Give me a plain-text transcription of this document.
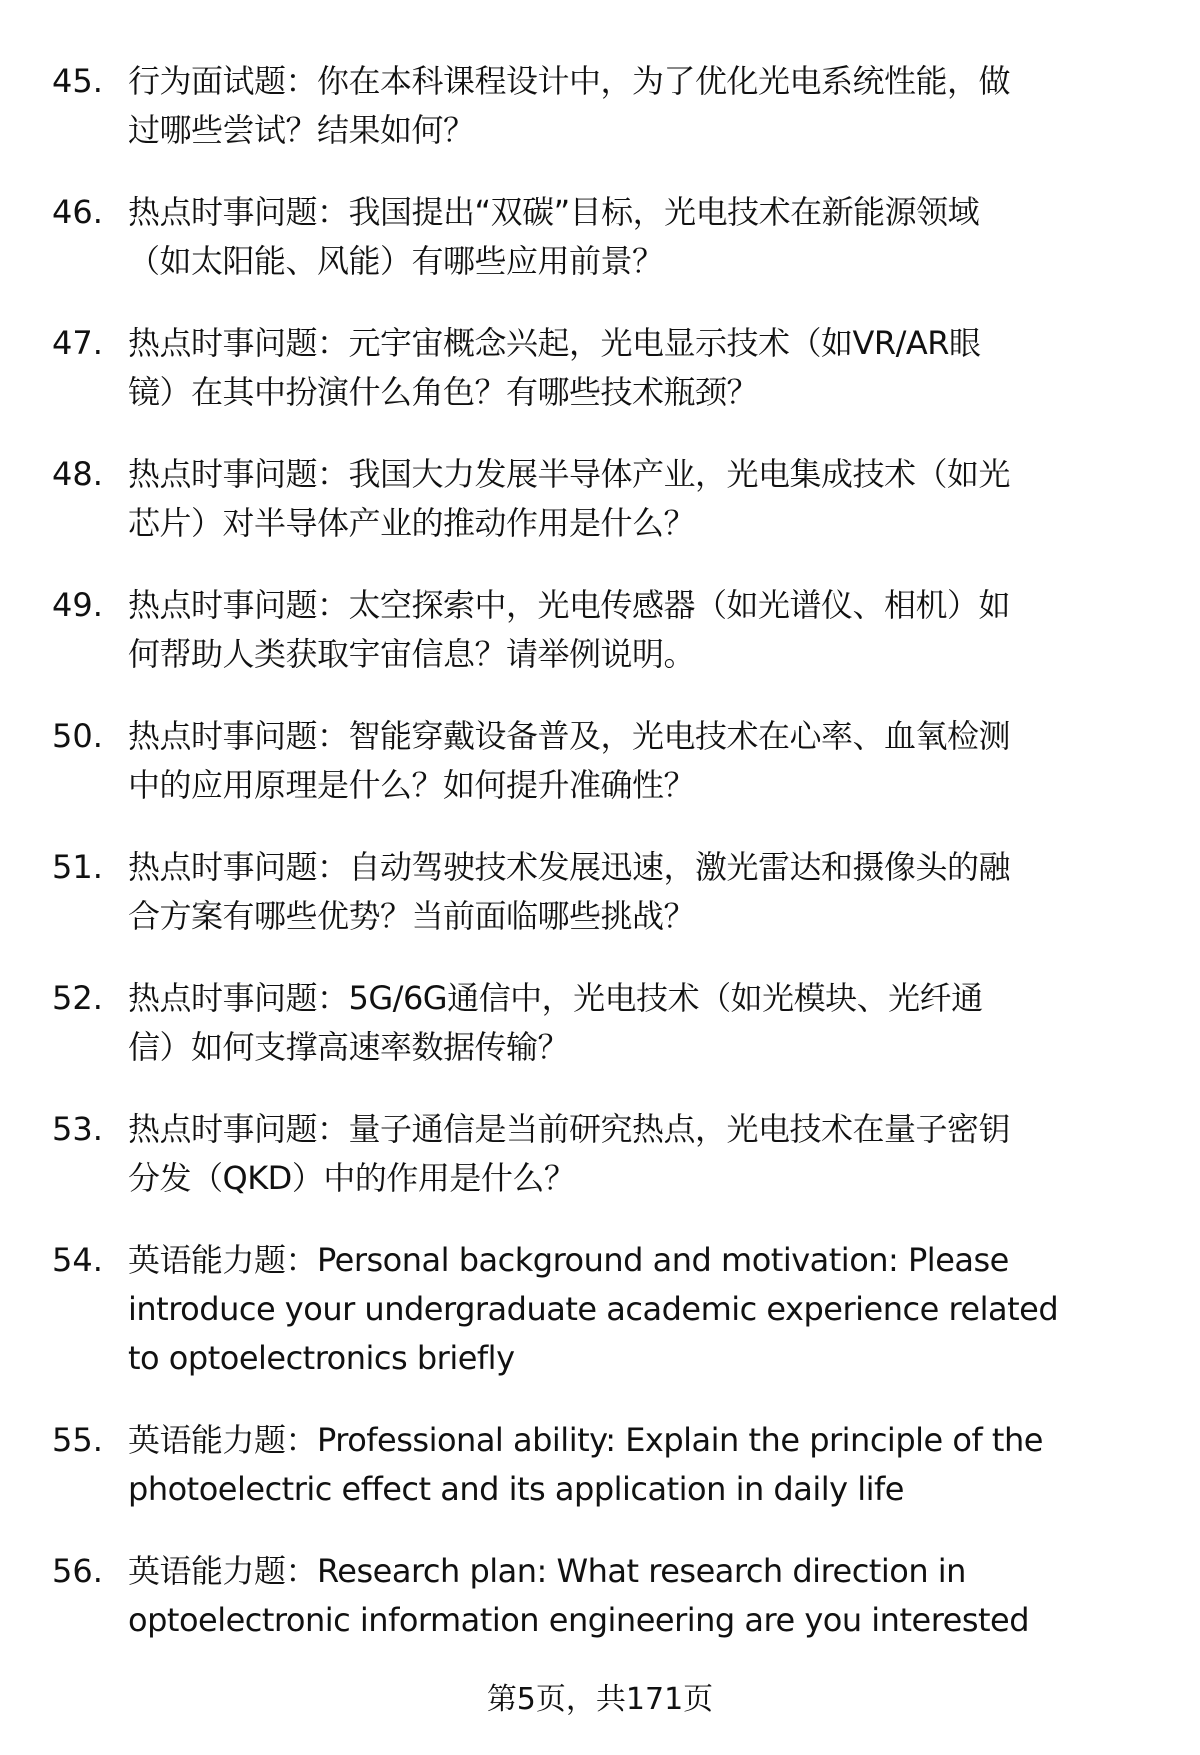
45. 行为面试题：你在本科课程设计中，为了优化光电系统性能，做
过哪些尝试？结果如何？
46. 热点时事问题：我国提出“双碳”目标，光电技术在新能源领域
（如太阳能、风能）有哪些应用前景？
47. 热点时事问题：元宇宙概念兴起，光电显示技术（如VR/AR眼
镜）在其中扮演什么角色？有哪些技术瓶颈？
48. 热点时事问题：我国大力发展半导体产业，光电集成技术（如光
芯片）对半导体产业的推动作用是什么？
49. 热点时事问题：太空探索中，光电传感器（如光谱仪、相机）如
何帮助人类获取宇宙信息？请举例说明。
50. 热点时事问题：智能穿戴设备普及，光电技术在心率、血氧检测
中的应用原理是什么？如何提升准确性？
51. 热点时事问题：自动驾驶技术发展迅速，激光雷达和摄像头的融
合方案有哪些优势？当前面临哪些挑战？
52. 热点时事问题：5G/6G通信中，光电技术（如光模块、光纤通
信）如何支撑高速率数据传输？
53. 热点时事问题：量子通信是当前研究热点，光电技术在量子密钥
分发（QKD）中的作用是什么？
54. 英语能力题：Personal background and motivation: Please
introduce your undergraduate academic experience related
to optoelectronics briefly
55. 英语能力题：Professional ability: Explain the principle of the
photoelectric effect and its application in daily life
56. 英语能力题：Research plan: What research direction in
optoelectronic information engineering are you interested
第5页，共171页
